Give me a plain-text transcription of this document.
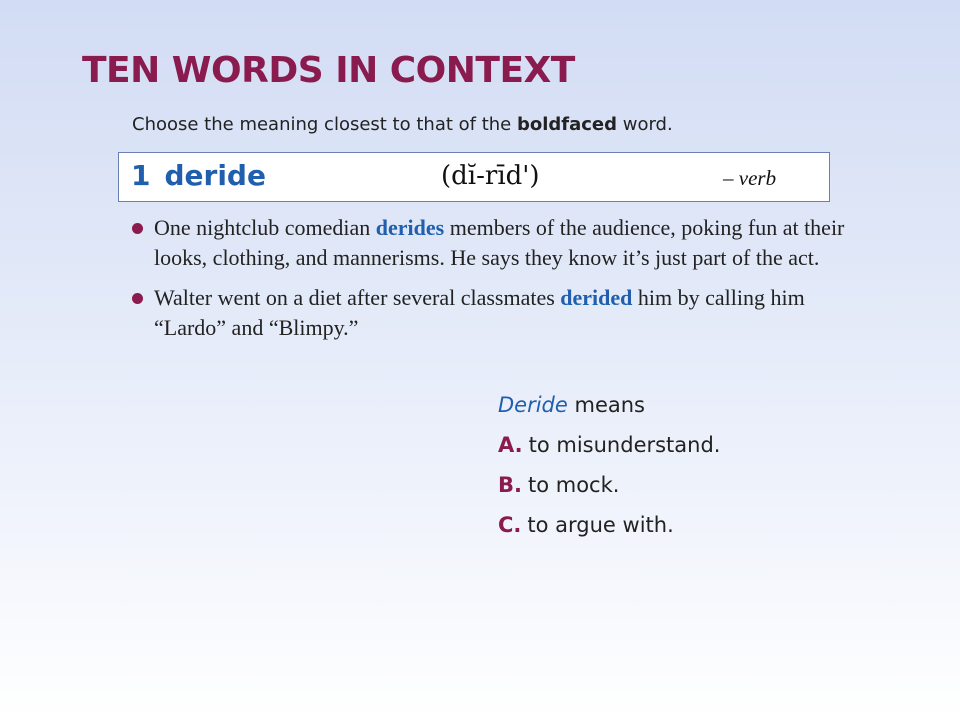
TEN WORDS IN CONTEXT
Choose the meaning closest to that of the boldfaced word.
1 deride	(dĭ-rīd')	– verb
One nightclub comedian derides members of the audience, poking fun at their looks, clothing, and mannerisms. He says they know it’s just part of the act.
Walter went on a diet after several classmates derided him by calling him “Lardo” and “Blimpy.”
Deride means
A. to misunderstand.
B. to mock.
C. to argue with.
